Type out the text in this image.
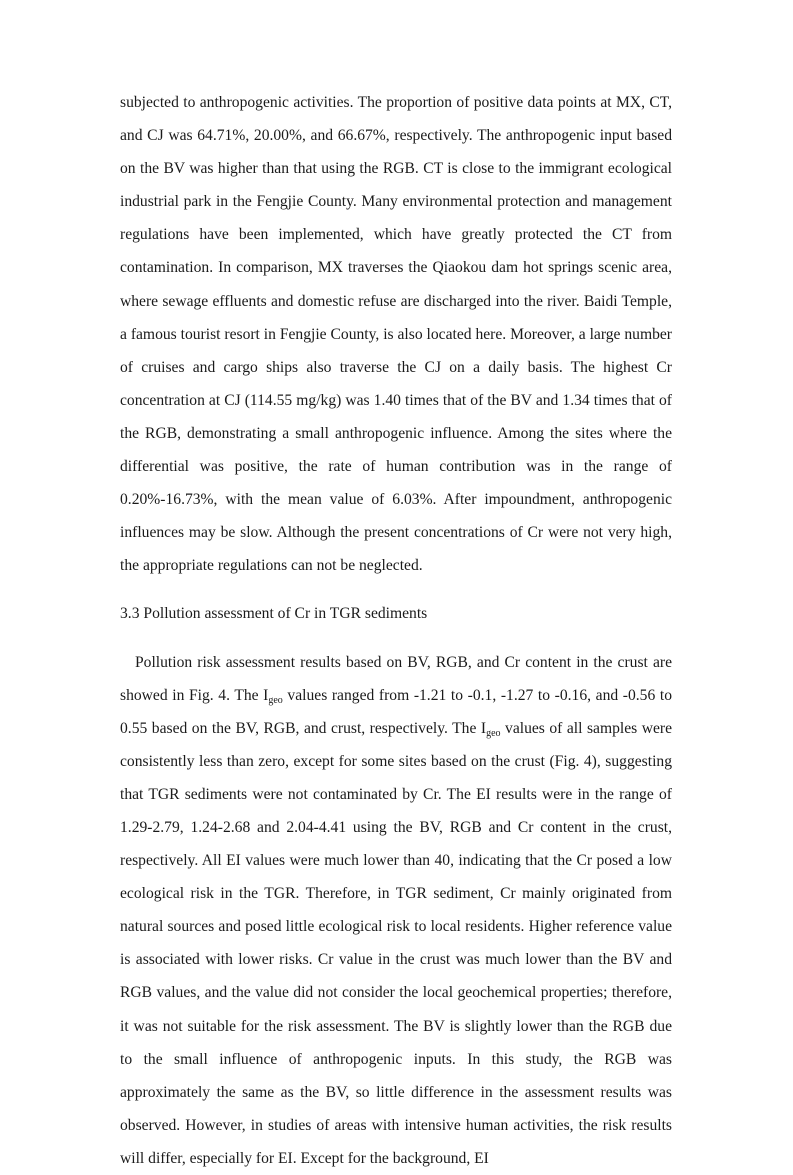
subjected to anthropogenic activities. The proportion of positive data points at MX, CT, and CJ was 64.71%, 20.00%, and 66.67%, respectively. The anthropogenic input based on the BV was higher than that using the RGB. CT is close to the immigrant ecological industrial park in the Fengjie County. Many environmental protection and management regulations have been implemented, which have greatly protected the CT from contamination. In comparison, MX traverses the Qiaokou dam hot springs scenic area, where sewage effluents and domestic refuse are discharged into the river. Baidi Temple, a famous tourist resort in Fengjie County, is also located here. Moreover, a large number of cruises and cargo ships also traverse the CJ on a daily basis. The highest Cr concentration at CJ (114.55 mg/kg) was 1.40 times that of the BV and 1.34 times that of the RGB, demonstrating a small anthropogenic influence. Among the sites where the differential was positive, the rate of human contribution was in the range of 0.20%-16.73%, with the mean value of 6.03%. After impoundment, anthropogenic influences may be slow. Although the present concentrations of Cr were not very high, the appropriate regulations can not be neglected.

3.3 Pollution assessment of Cr in TGR sediments

Pollution risk assessment results based on BV, RGB, and Cr content in the crust are showed in Fig. 4. The $I_{geo}$ values ranged from -1.21 to -0.1, -1.27 to -0.16, and -0.56 to 0.55 based on the BV, RGB, and crust, respectively. The $I_{geo}$ values of all samples were consistently less than zero, except for some sites based on the crust (Fig. 4), suggesting that TGR sediments were not contaminated by Cr. The EI results were in the range of 1.29-2.79, 1.24-2.68 and 2.04-4.41 using the BV, RGB and Cr content in the crust, respectively. All EI values were much lower than 40, indicating that the Cr posed a low ecological risk in the TGR. Therefore, in TGR sediment, Cr mainly originated from natural sources and posed little ecological risk to local residents. Higher reference value is associated with lower risks. Cr value in the crust was much lower than the BV and RGB values, and the value did not consider the local geochemical properties; therefore, it was not suitable for the risk assessment. The BV is slightly lower than the RGB due to the small influence of anthropogenic inputs. In this study, the RGB was approximately the same as the BV, so little difference in the assessment results was observed. However, in studies of areas with intensive human activities, the risk results will differ, especially for EI. Except for the background, EI
